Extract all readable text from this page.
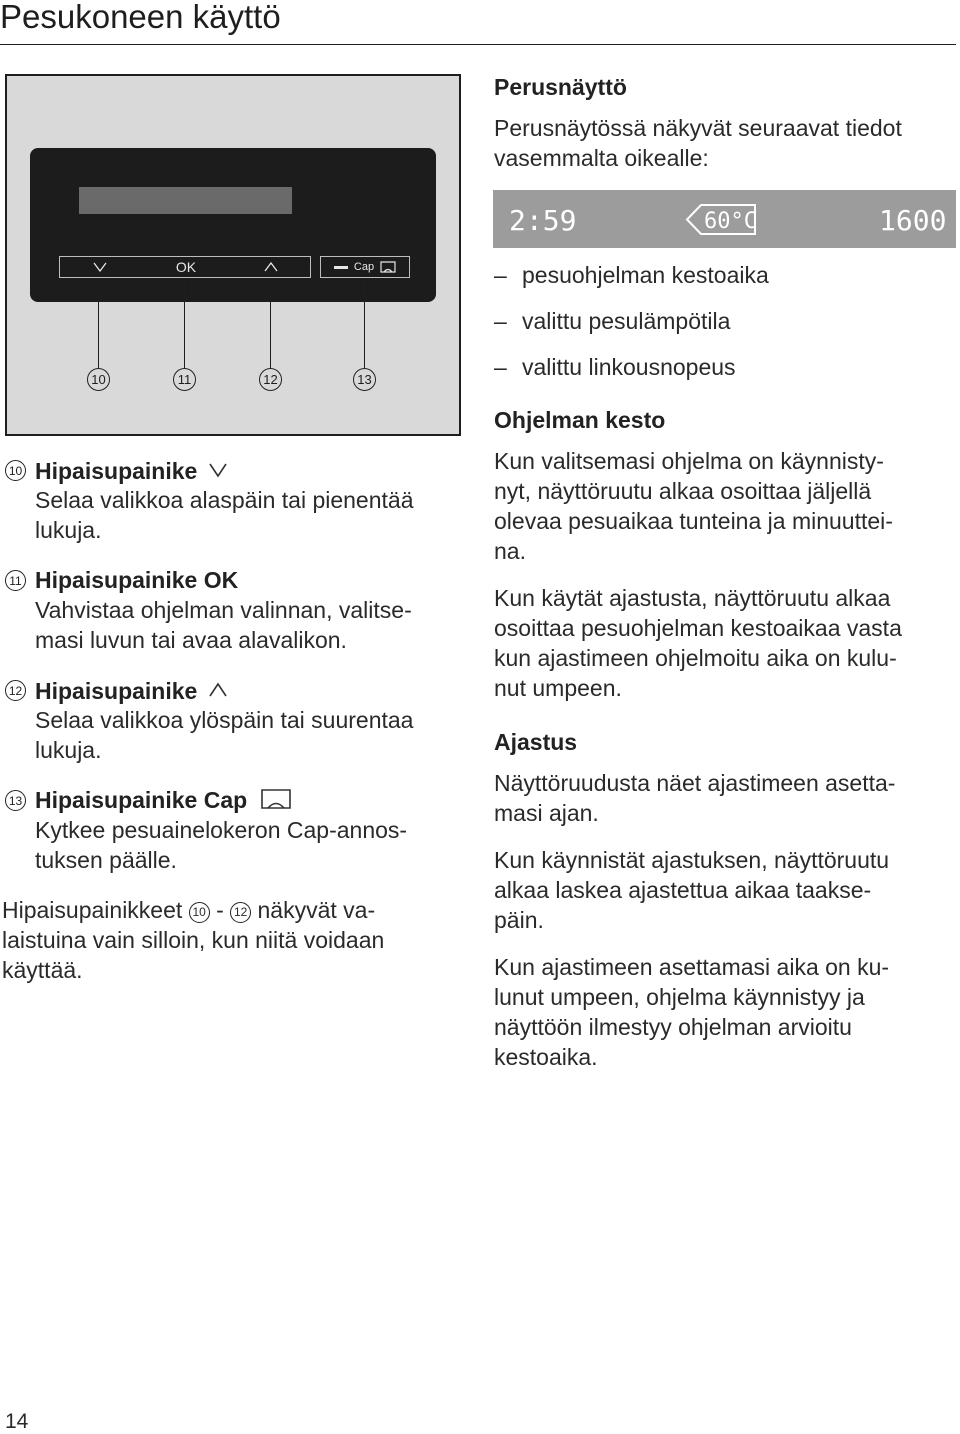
Pesukoneen käyttö
OK	Cap
10	11	12	13
10 Hipaisupainike
Selaa valikkoa alaspäin tai pienentää
lukuja.
11 Hipaisupainike OK
Vahvistaa ohjelman valinnan, valitse-
masi luvun tai avaa alavalikon.
12 Hipaisupainike
Selaa valikkoa ylöspäin tai suurentaa
lukuja.
13 Hipaisupainike Cap
Kytkee pesuainelokeron Cap-annos-
tuksen päälle.
Hipaisupainikkeet 10 - 12 näkyvät va-
laistuina vain silloin, kun niitä voidaan
käyttää.
Perusnäyttö
Perusnäytössä näkyvät seuraavat tiedot
vasemmalta oikealle:
2:59	60°C	1600
– pesuohjelman kestoaika
– valittu pesulämpötila
– valittu linkousnopeus
Ohjelman kesto
Kun valitsemasi ohjelma on käynnisty-
nyt, näyttöruutu alkaa osoittaa jäljellä
olevaa pesuaikaa tunteina ja minuuttei-
na.
Kun käytät ajastusta, näyttöruutu alkaa
osoittaa pesuohjelman kestoaikaa vasta
kun ajastimeen ohjelmoitu aika on kulu-
nut umpeen.
Ajastus
Näyttöruudusta näet ajastimeen asetta-
masi ajan.
Kun käynnistät ajastuksen, näyttöruutu
alkaa laskea ajastettua aikaa taakse-
päin.
Kun ajastimeen asettamasi aika on ku-
lunut umpeen, ohjelma käynnistyy ja
näyttöön ilmestyy ohjelman arvioitu
kestoaika.
14
